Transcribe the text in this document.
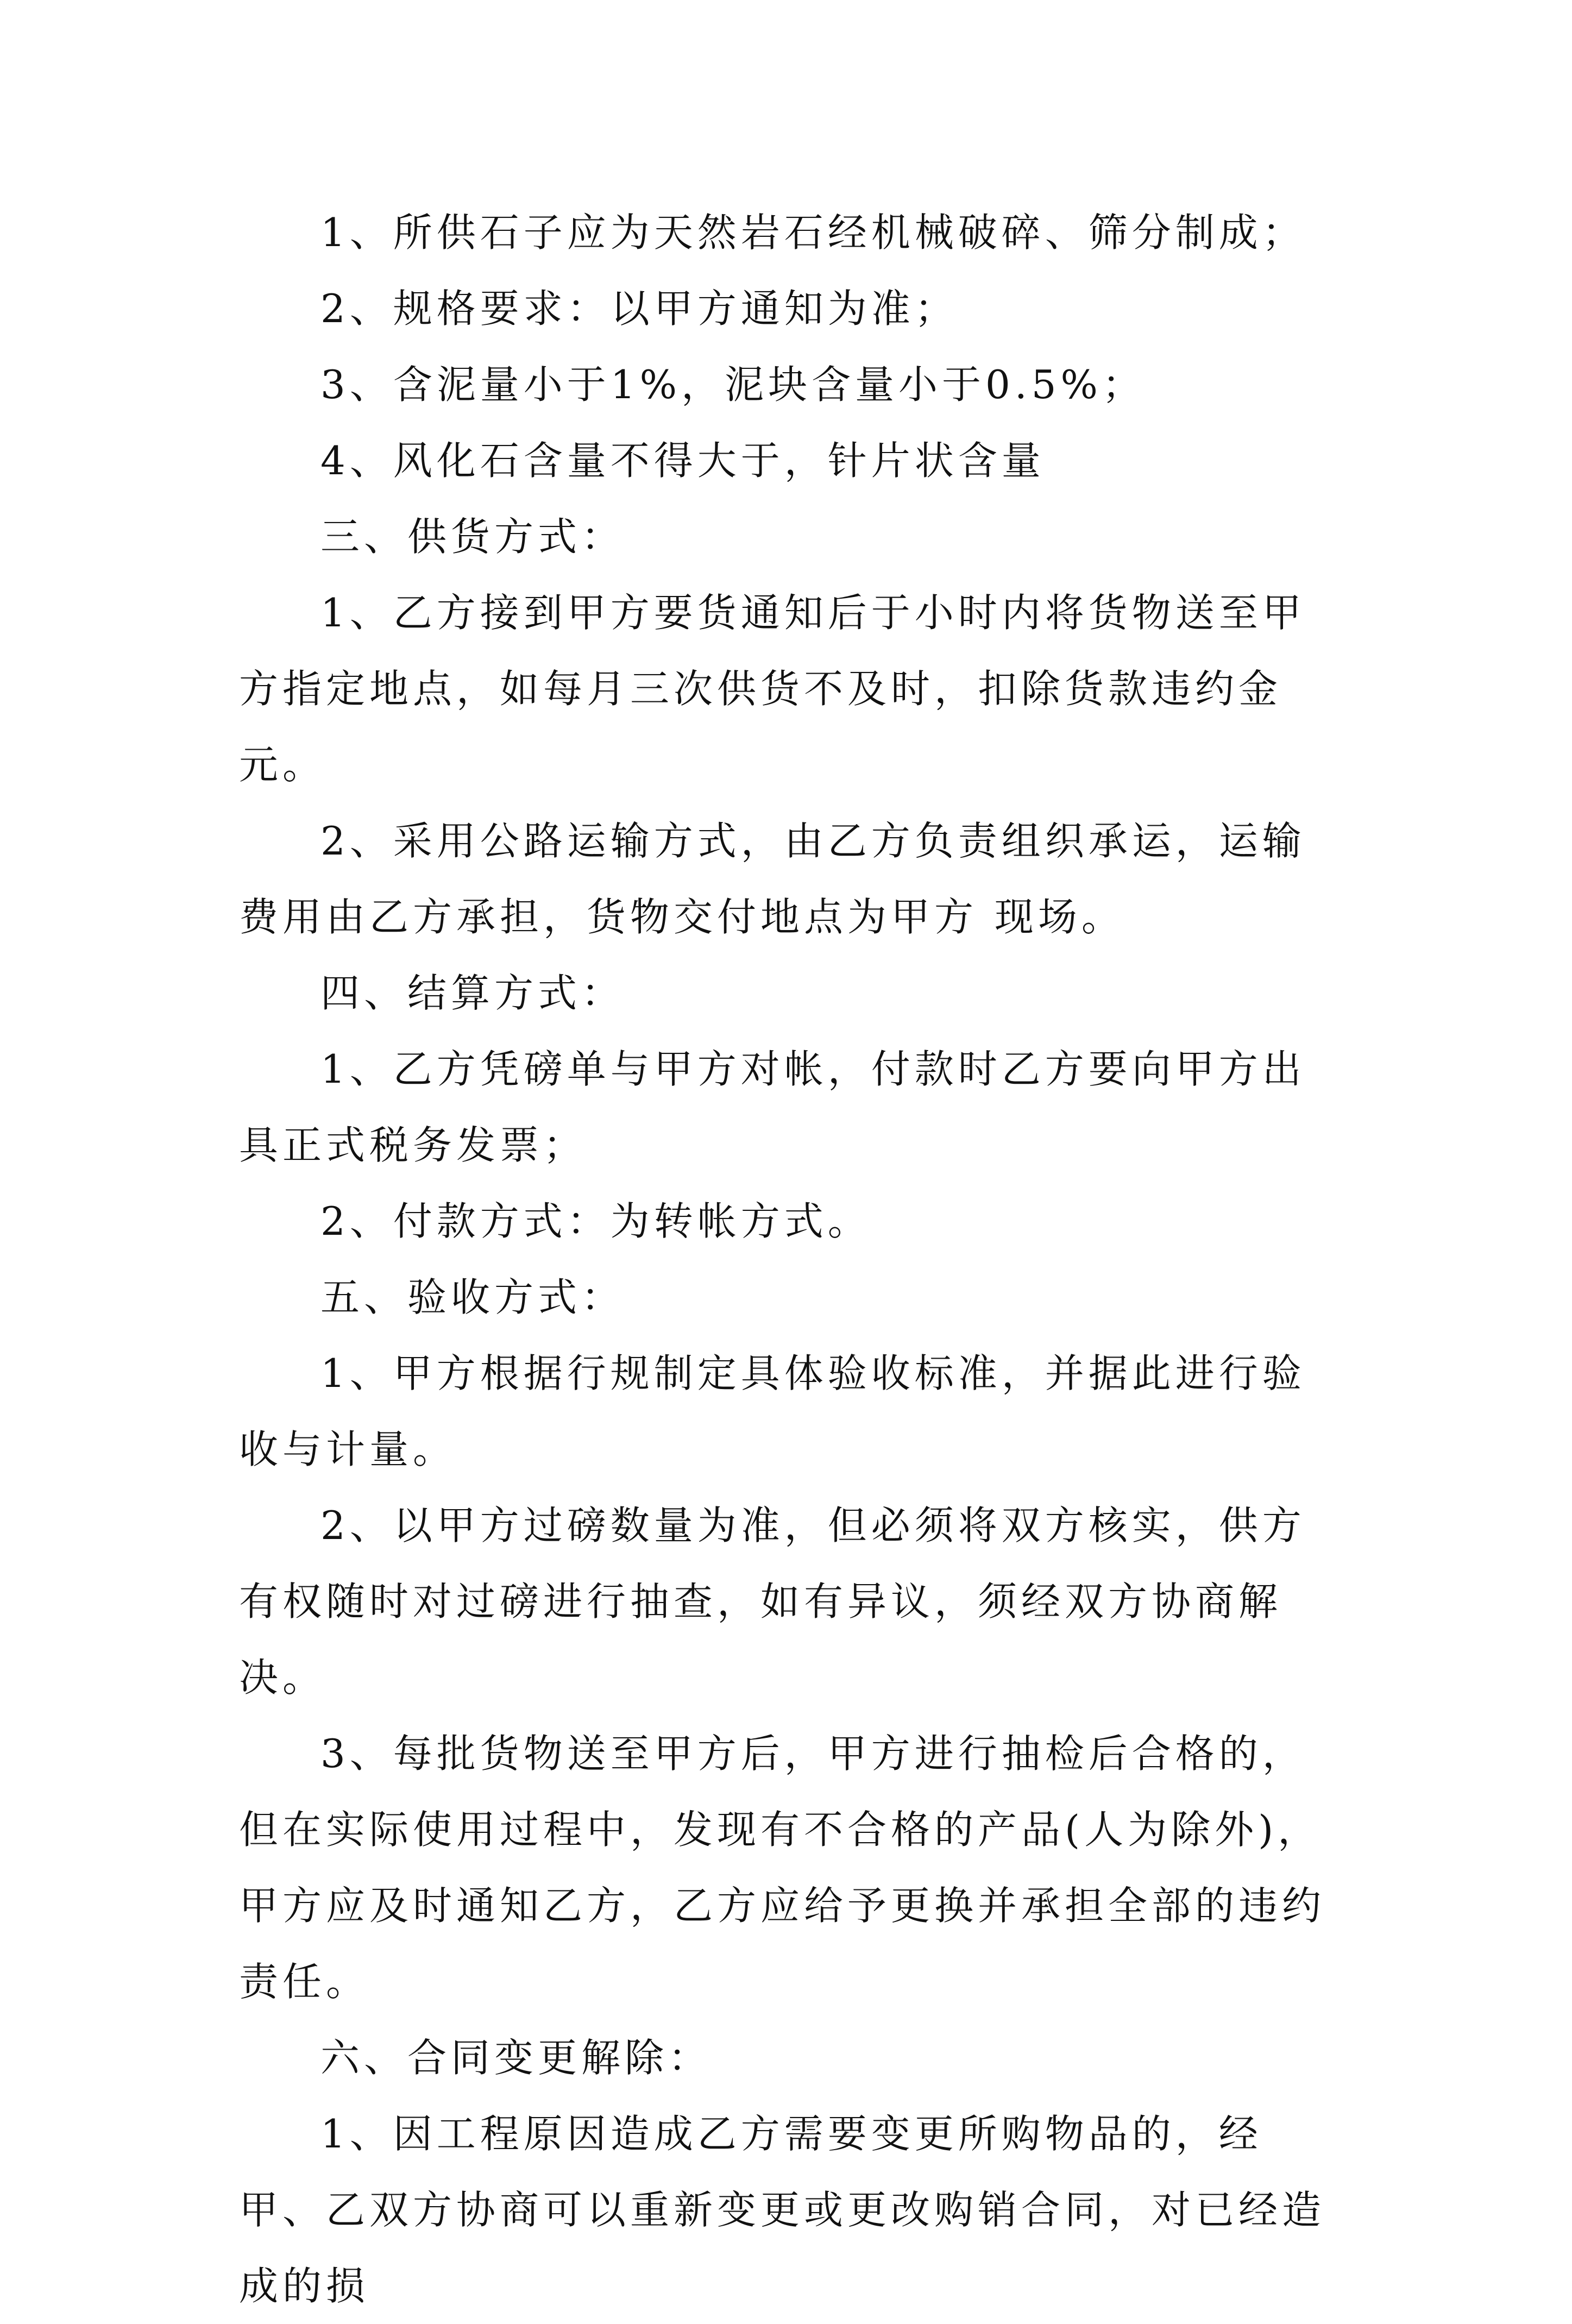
1、所供石子应为天然岩石经机械破碎、筛分制成；

2、规格要求：以甲方通知为准；

3、含泥量小于1%，泥块含量小于0.5%；

4、风化石含量不得大于，针片状含量

三、供货方式：

1、乙方接到甲方要货通知后于小时内将货物送至甲方指定地点，如每月三次供货不及时，扣除货款违约金元。

2、采用公路运输方式，由乙方负责组织承运，运输费用由乙方承担，货物交付地点为甲方 现场。

四、结算方式：

1、乙方凭磅单与甲方对帐，付款时乙方要向甲方出具正式税务发票；

2、付款方式：为转帐方式。

五、验收方式：

1、甲方根据行规制定具体验收标准，并据此进行验收与计量。

2、以甲方过磅数量为准，但必须将双方核实，供方有权随时对过磅进行抽查，如有异议，须经双方协商解决。

3、每批货物送至甲方后，甲方进行抽检后合格的，但在实际使用过程中，发现有不合格的产品(人为除外)，甲方应及时通知乙方，乙方应给予更换并承担全部的违约责任。

六、合同变更解除：

1、因工程原因造成乙方需要变更所购物品的，经甲、乙双方协商可以重新变更或更改购销合同，对已经造成的损
